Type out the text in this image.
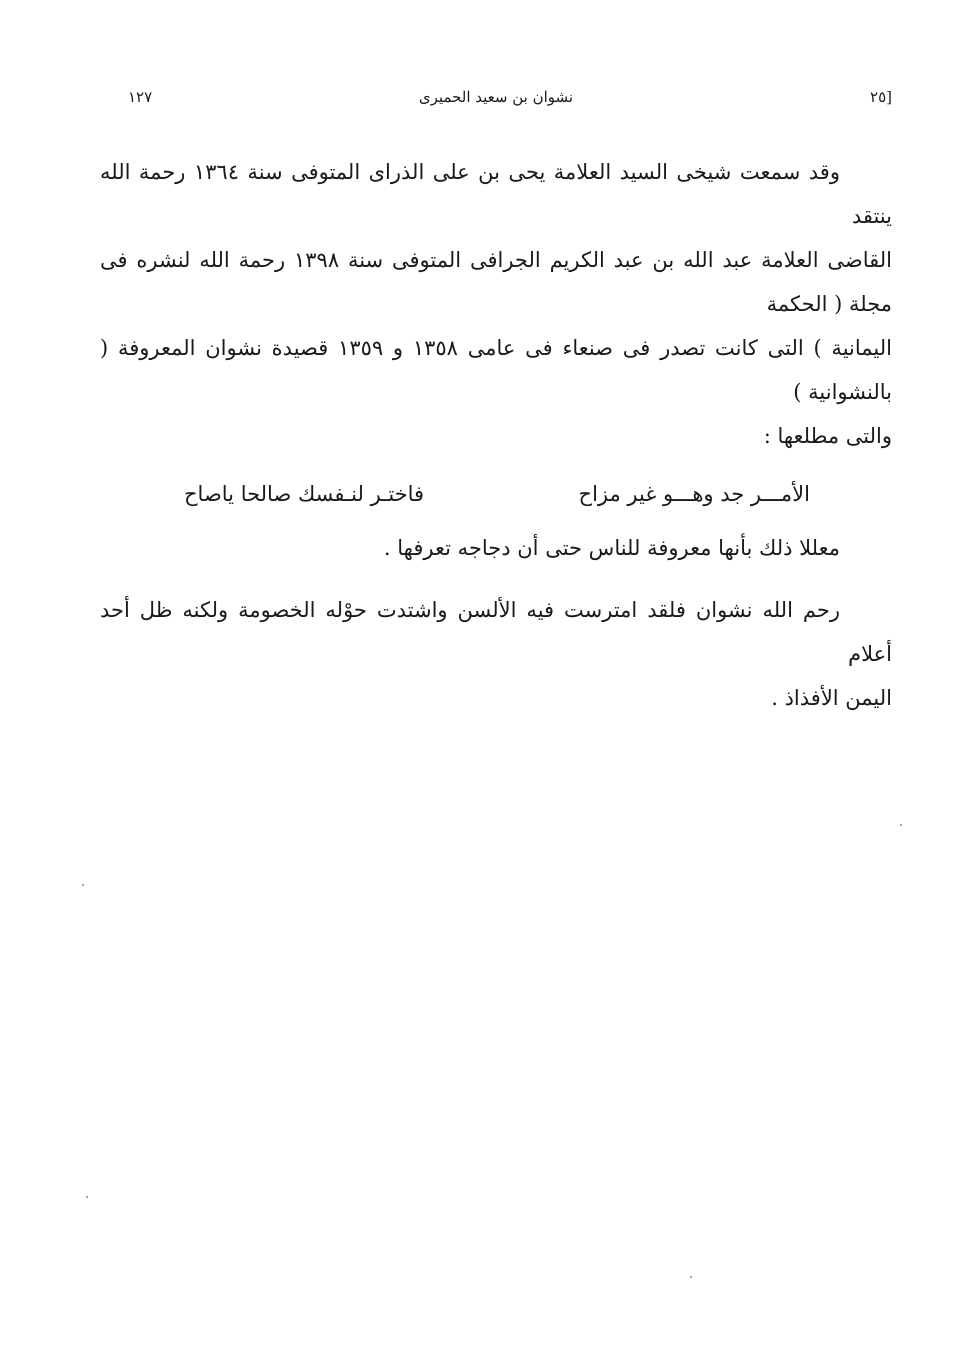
[٢٥
نشوان بن سعيد الحميرى
١٢٧

وقد سمعت شيخى السيد العلامة يحى بن على الذراى المتوفى سنة ١٣٦٤ رحمة الله ينتقد

القاضى العلامة عبد الله بن عبد الكريم الجرافى المتوفى سنة ١٣٩٨ رحمة الله لنشره فى مجلة ( الحكمة

اليمانية ) التى كانت تصدر فى صنعاء فى عامى ١٣٥٨ و ١٣٥٩ قصيدة نشوان المعروفة ( بالنشوانية )

والتى مطلعها :

الأمـــر جد وهـــو غير مزاح
فاختـر لنـفسك صالحا ياصاح

معللا ذلك بأنها معروفة للناس حتى أن دجاجه تعرفها .

رحم الله نشوان فلقد امترست فيه الألسن واشتدت حوْله الخصومة ولكنه ظل أحد أعلام

اليمن الأفذاذ .
